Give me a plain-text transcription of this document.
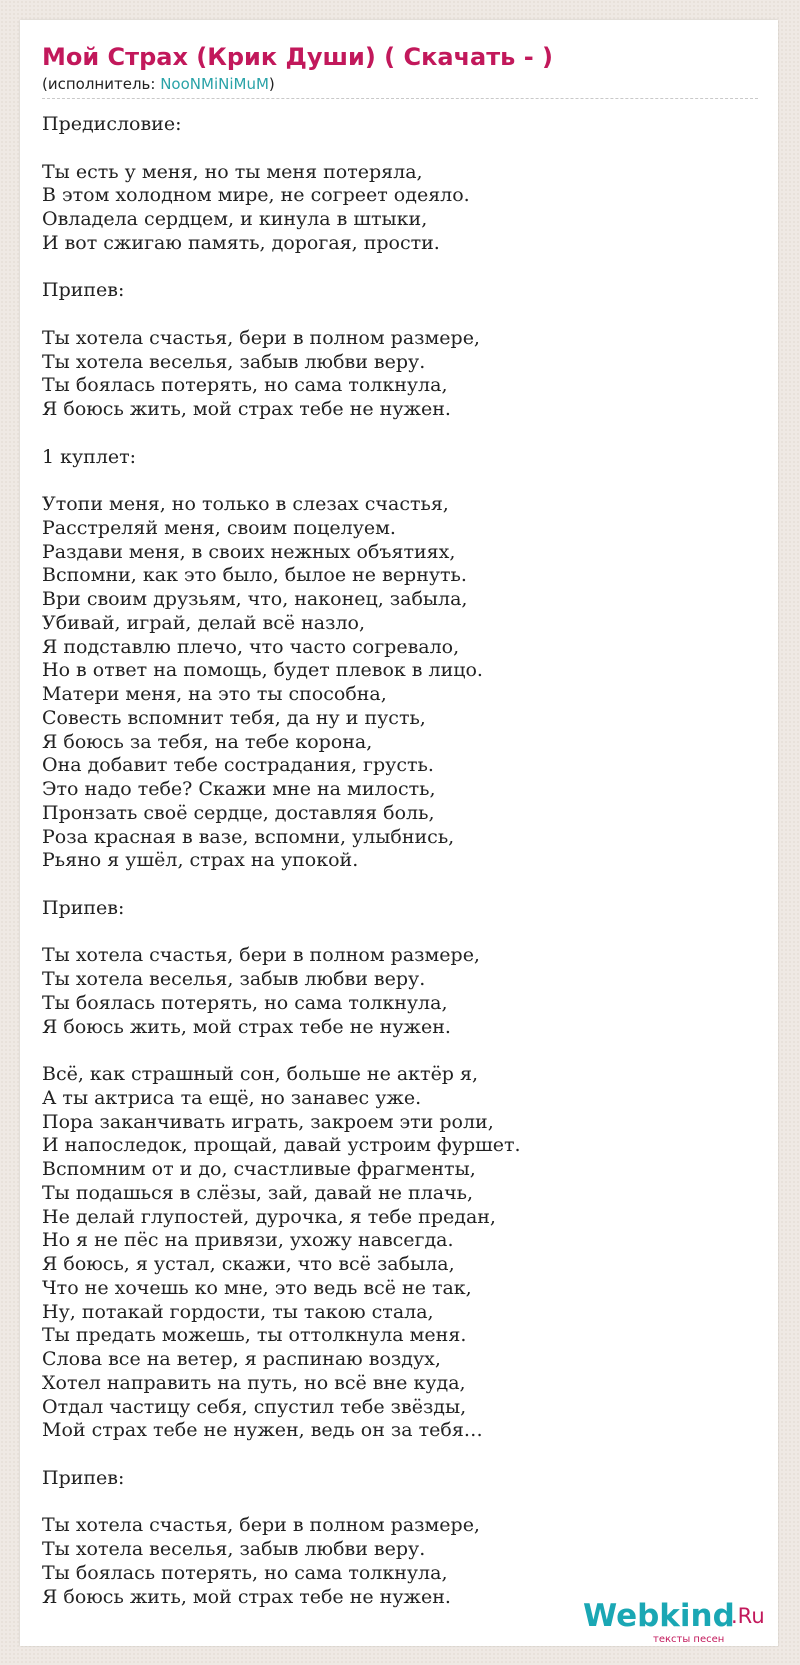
Мой Страх (Крик Души) ( Скачать - )
(исполнитель: NooNMiNiMuM)
Предисловие:
Ты есть у меня, но ты меня потеряла,
В этом холодном мире, не согреет одеяло.
Овладела сердцем, и кинула в штыки,
И вот сжигаю память, дорогая, прости.
Припев:
Ты хотела счастья, бери в полном размере,
Ты хотела веселья, забыв любви веру.
Ты боялась потерять, но сама толкнула,
Я боюсь жить, мой страх тебе не нужен.
1 куплет:
Утопи меня, но только в слезах счастья,
Расстреляй меня, своим поцелуем.
Раздави меня, в своих нежных объятиях,
Вспомни, как это было, былое не вернуть.
Ври своим друзьям, что, наконец, забыла,
Убивай, играй, делай всё назло,
Я подставлю плечо, что часто согревало,
Но в ответ на помощь, будет плевок в лицо.
Матери меня, на это ты способна,
Совесть вспомнит тебя, да ну и пусть,
Я боюсь за тебя, на тебе корона,
Она добавит тебе сострадания, грусть.
Это надо тебе? Скажи мне на милость,
Пронзать своё сердце, доставляя боль,
Роза красная в вазе, вспомни, улыбнись,
Рьяно я ушёл, страх на упокой.
Припев:
Ты хотела счастья, бери в полном размере,
Ты хотела веселья, забыв любви веру.
Ты боялась потерять, но сама толкнула,
Я боюсь жить, мой страх тебе не нужен.
Всё, как страшный сон, больше не актёр я,
А ты актриса та ещё, но занавес уже.
Пора заканчивать играть, закроем эти роли,
И напоследок, прощай, давай устроим фуршет.
Вспомним от и до, счастливые фрагменты,
Ты подашься в слёзы, зай, давай не плачь,
Не делай глупостей, дурочка, я тебе предан,
Но я не пёс на привязи, ухожу навсегда.
Я боюсь, я устал, скажи, что всё забыла,
Что не хочешь ко мне, это ведь всё не так,
Ну, потакай гордости, ты такою стала,
Ты предать можешь, ты оттолкнула меня.
Слова все на ветер, я распинаю воздух,
Хотел направить на путь, но всё вне куда,
Отдал частицу себя, спустил тебе звёзды,
Мой страх тебе не нужен, ведь он за тебя…
Припев:
Ты хотела счастья, бери в полном размере,
Ты хотела веселья, забыв любви веру.
Ты боялась потерять, но сама толкнула,
Я боюсь жить, мой страх тебе не нужен.
Webkind
.Ru
тексты песен
